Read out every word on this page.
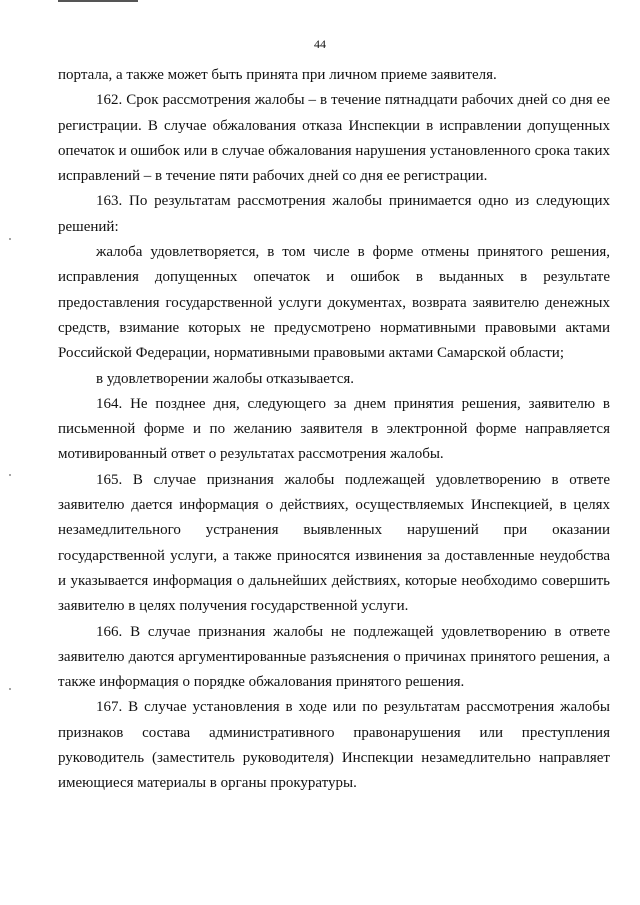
44

портала, а также может быть принята при личном приеме заявителя.

162. Срок рассмотрения жалобы – в течение пятнадцати рабочих дней со дня ее регистрации. В случае обжалования отказа Инспекции в исправлении допущенных опечаток и ошибок или в случае обжалования нарушения установленного срока таких исправлений – в течение пяти рабочих дней со дня ее регистрации.

163. По результатам рассмотрения жалобы принимается одно из следующих решений:

жалоба удовлетворяется, в том числе в форме отмены принятого решения, исправления допущенных опечаток и ошибок в выданных в результате предоставления государственной услуги документах, возврата заявителю денежных средств, взимание которых не предусмотрено нормативными правовыми актами Российской Федерации, нормативными правовыми актами Самарской области;

в удовлетворении жалобы отказывается.

164. Не позднее дня, следующего за днем принятия решения, заявителю в письменной форме и по желанию заявителя в электронной форме направляется мотивированный ответ о результатах рассмотрения жалобы.

165. В случае признания жалобы подлежащей удовлетворению в ответе заявителю дается информация о действиях, осуществляемых Инспекцией, в целях незамедлительного устранения выявленных нарушений при оказании государственной услуги, а также приносятся извинения за доставленные неудобства и указывается информация о дальнейших действиях, которые необходимо совершить заявителю в целях получения государственной услуги.

166. В случае признания жалобы не подлежащей удовлетворению в ответе заявителю даются аргументированные разъяснения о причинах принятого решения, а также информация о порядке обжалования принятого решения.

167. В случае установления в ходе или по результатам рассмотрения жалобы признаков состава административного правонарушения или преступления руководитель (заместитель руководителя) Инспекции незамедлительно направляет имеющиеся материалы в органы прокуратуры.
